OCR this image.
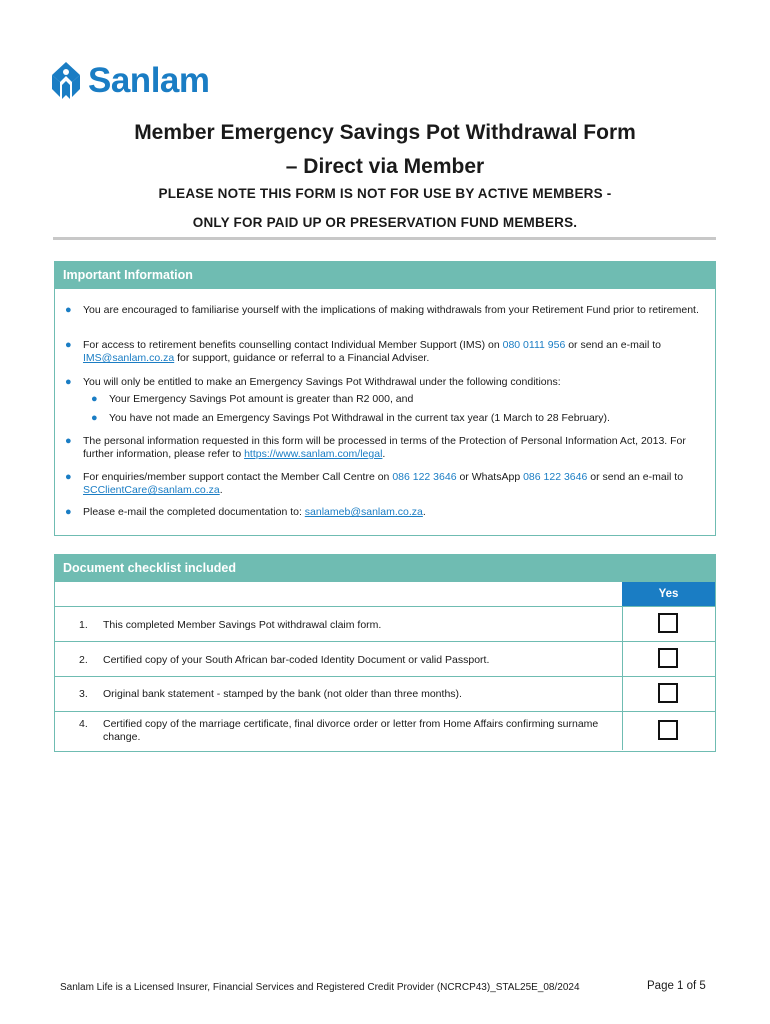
Sanlam
Member Emergency Savings Pot Withdrawal Form
– Direct via Member
PLEASE NOTE THIS FORM IS NOT FOR USE BY ACTIVE MEMBERS -
ONLY FOR PAID UP OR PRESERVATION FUND MEMBERS.
Important Information
● You are encouraged to familiarise yourself with the implications of making withdrawals from your Retirement Fund prior to retirement.
● For access to retirement benefits counselling contact Individual Member Support (IMS) on 080 0111 956 or send an e-mail to IMS@sanlam.co.za for support, guidance or referral to a Financial Adviser.
● You will only be entitled to make an Emergency Savings Pot Withdrawal under the following conditions:
● Your Emergency Savings Pot amount is greater than R2 000, and
● You have not made an Emergency Savings Pot Withdrawal in the current tax year (1 March to 28 February).
● The personal information requested in this form will be processed in terms of the Protection of Personal Information Act, 2013. For further information, please refer to https://www.sanlam.com/legal.
● For enquiries/member support contact the Member Call Centre on 086 122 3646 or WhatsApp 086 122 3646 or send an e-mail to SCClientCare@sanlam.co.za.
● Please e-mail the completed documentation to: sanlameb@sanlam.co.za.
Document checklist included
Yes
1. This completed Member Savings Pot withdrawal claim form.
2. Certified copy of your South African bar-coded Identity Document or valid Passport.
3. Original bank statement - stamped by the bank (not older than three months).
4. Certified copy of the marriage certificate, final divorce order or letter from Home Affairs confirming surname change.
Sanlam Life is a Licensed Insurer, Financial Services and Registered Credit Provider (NCRCP43)_STAL25E_08/2024	Page 1 of 5
